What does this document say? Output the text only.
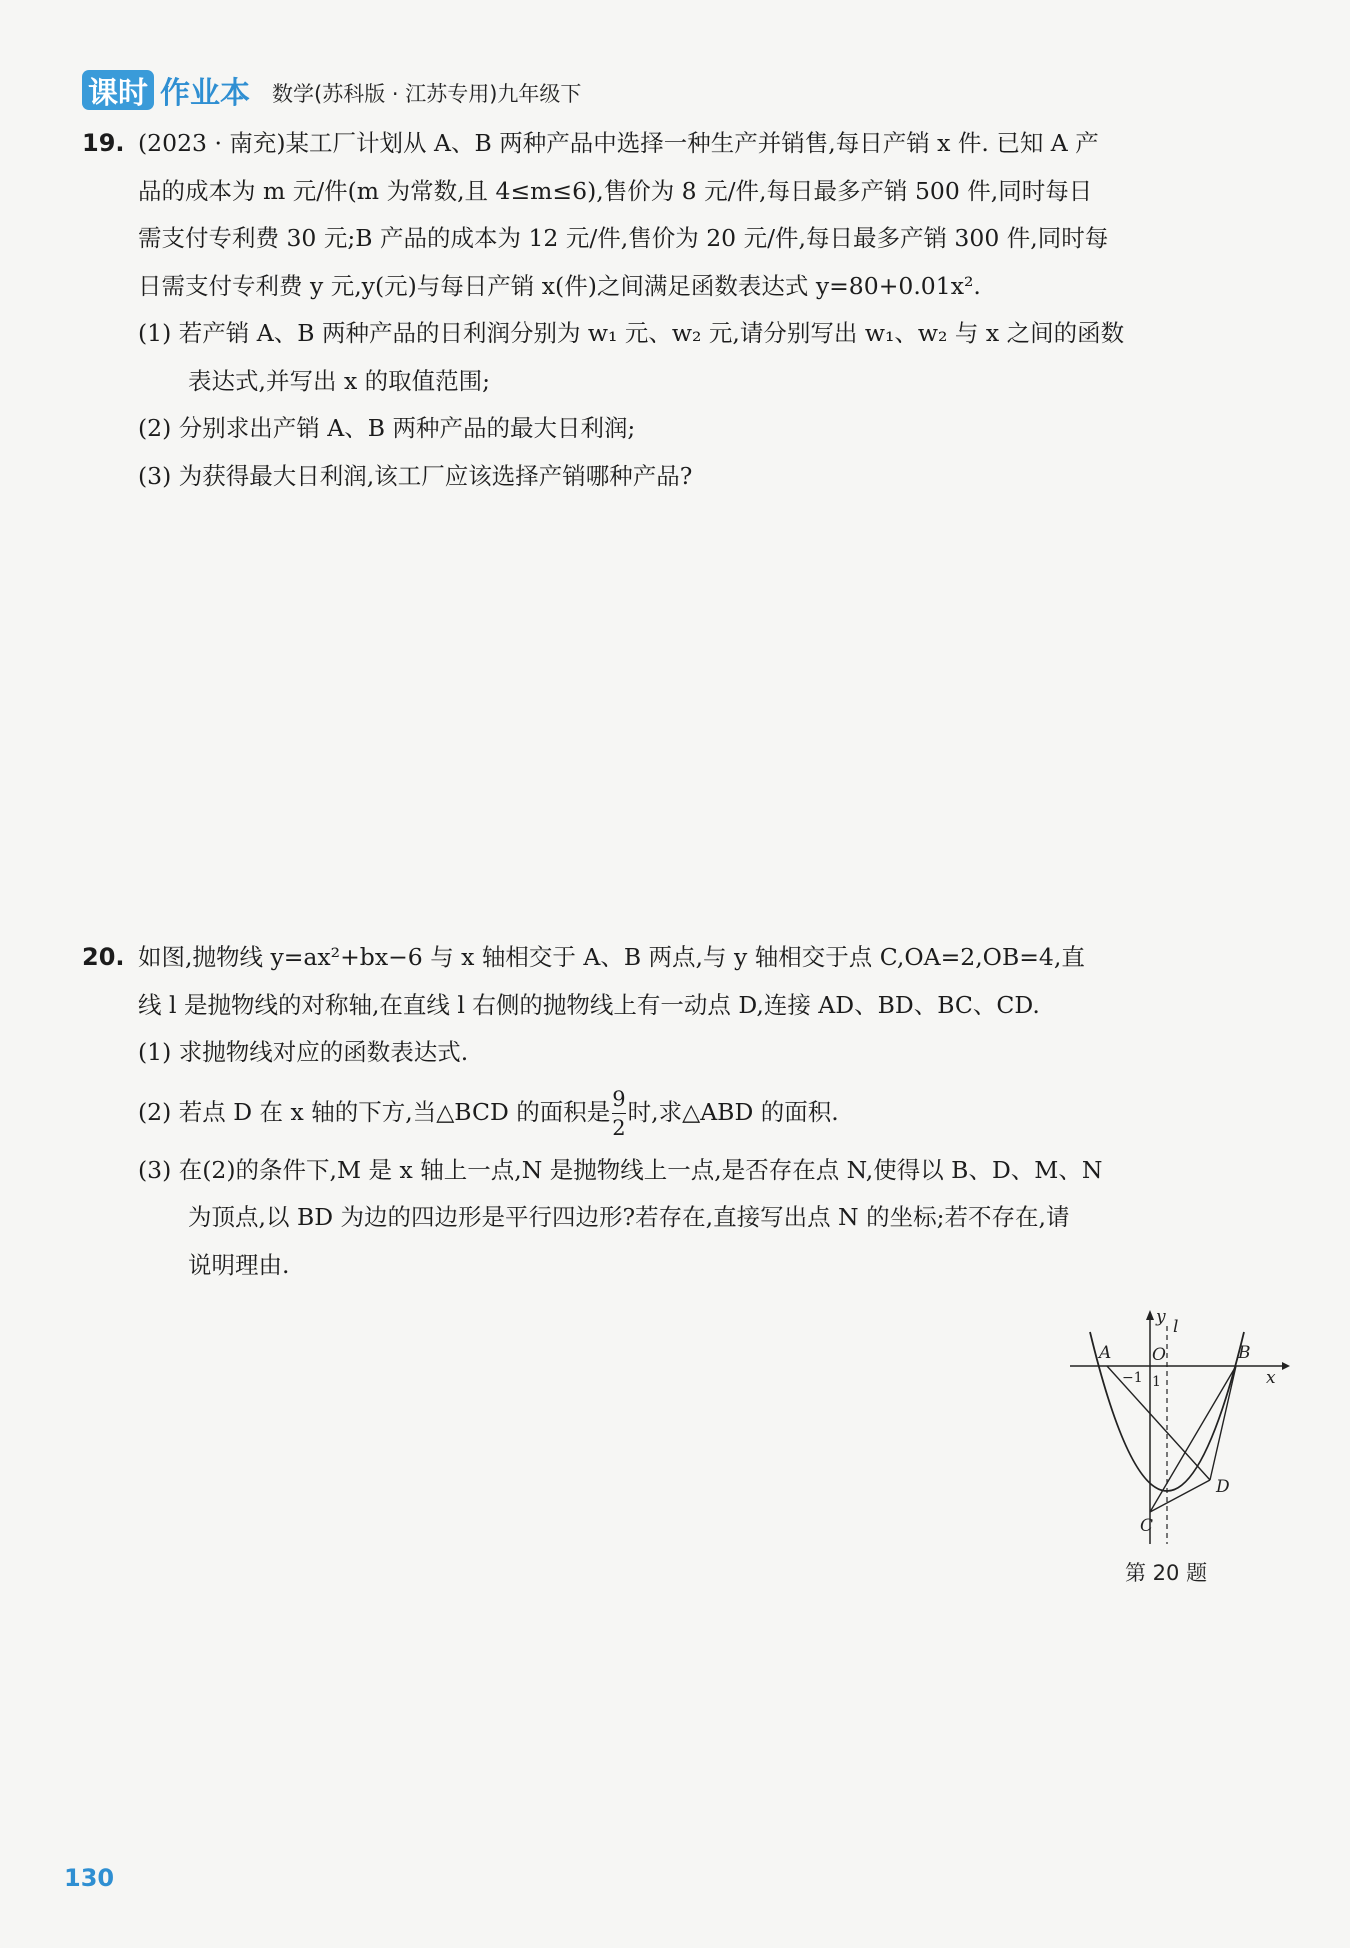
课时 作业本 数学(苏科版 · 江苏专用)九年级下
19. (2023 · 南充)某工厂计划从 A、B 两种产品中选择一种生产并销售,每日产销 x 件. 已知 A 产
品的成本为 m 元/件(m 为常数,且 4≤m≤6),售价为 8 元/件,每日最多产销 500 件,同时每日
需支付专利费 30 元;B 产品的成本为 12 元/件,售价为 20 元/件,每日最多产销 300 件,同时每
日需支付专利费 y 元,y(元)与每日产销 x(件)之间满足函数表达式 y=80+0.01x².
(1) 若产销 A、B 两种产品的日利润分别为 w₁ 元、w₂ 元,请分别写出 w₁、w₂ 与 x 之间的函数
表达式,并写出 x 的取值范围;
(2) 分别求出产销 A、B 两种产品的最大日利润;
(3) 为获得最大日利润,该工厂应该选择产销哪种产品?
20. 如图,抛物线 y=ax²+bx−6 与 x 轴相交于 A、B 两点,与 y 轴相交于点 C,OA=2,OB=4,直
线 l 是抛物线的对称轴,在直线 l 右侧的抛物线上有一动点 D,连接 AD、BD、BC、CD.
(1) 求抛物线对应的函数表达式.
(2) 若点 D 在 x 轴的下方,当△BCD 的面积是 $\frac{9}{2}$ 时,求△ABD 的面积.
(3) 在(2)的条件下,M 是 x 轴上一点,N 是抛物线上一点,是否存在点 N,使得以 B、D、M、N
为顶点,以 BD 为边的四边形是平行四边形?若存在,直接写出点 N 的坐标;若不存在,请
说明理由.
y l
A O	B
x
C
D
−1 1
第 20 题
130
